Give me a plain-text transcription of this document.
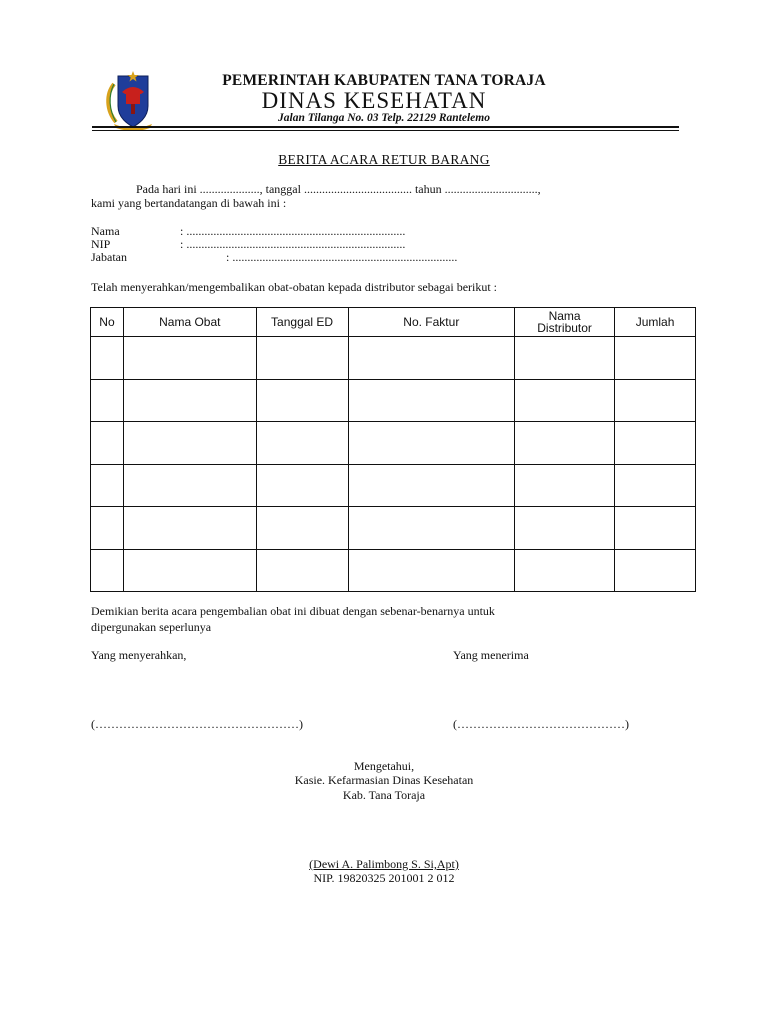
PEMERINTAH KABUPATEN TANA TORAJA
DINAS KESEHATAN
Jalan Tilanga No. 03 Telp. 22129 Rantelemo
BERITA ACARA RETUR BARANG
Pada hari ini ...................., tanggal .................................... tahun ...............................,
kami yang bertandatangan di bawah ini :
Nama	: .........................................................................
NIP	: .........................................................................
Jabatan	: ...........................................................................
Telah menyerahkan/mengembalikan obat-obatan kepada distributor sebagai berikut :
No	Nama Obat	Tanggal ED	No. Faktur	Nama Distributor	Jumlah

Demikian berita acara pengembalian obat ini dibuat dengan sebenar-benarnya untuk
dipergunakan seperlunya
Yang menyerahkan,	Yang menerima
(……………………………………………)	(……………………………………)
Mengetahui,
Kasie. Kefarmasian Dinas Kesehatan
Kab. Tana Toraja
(Dewi A. Palimbong S. Si,Apt)
NIP. 19820325 201001 2 012
